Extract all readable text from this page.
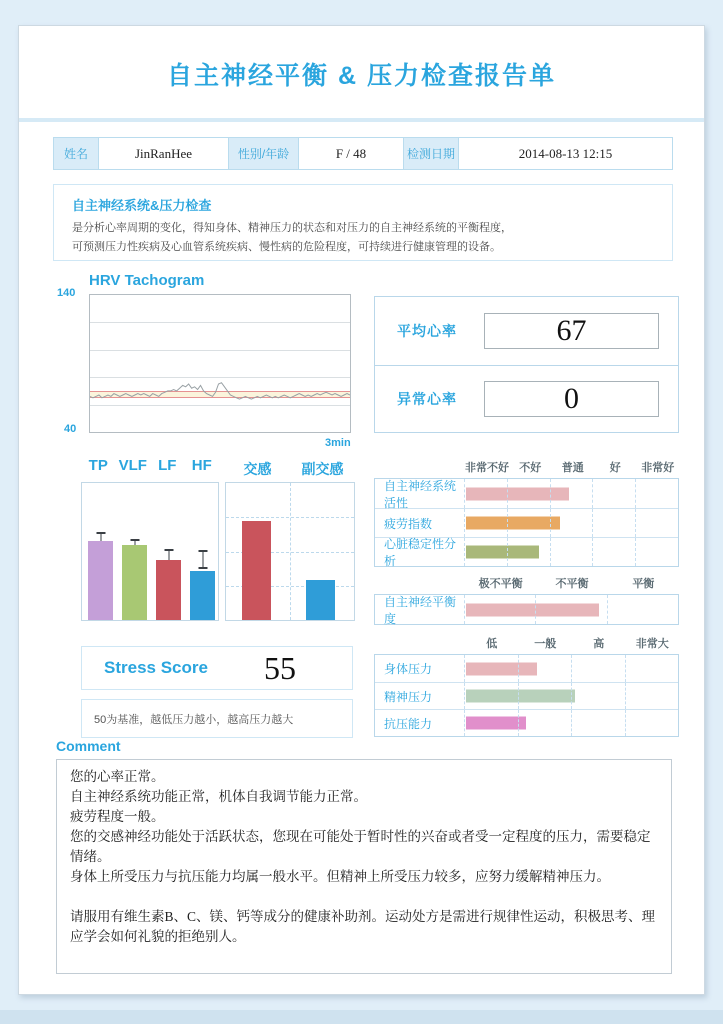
自主神经平衡 & 压力检查报告单
姓名	JinRanHee	性别/年龄	F / 48	检测日期	2014-08-13 12:15
自主神经系统&压力检查
是分析心率周期的变化，得知身体、精神压力的状态和对压力的自主神经系统的平衡程度，
可预测压力性疾病及心血管系统疾病、慢性病的危险程度，可持续进行健康管理的设备。
HRV Tachogram
140
40
3min
平均心率	67
异常心率	0
TP VLF LF	HF	交感	副交感	非常不好 不好	普通	好	非常好
自主神经系统活性
疲劳指数
心脏稳定性分析
极不平衡	不平衡	平衡
自主神经平衡度
低	一般	高	非常大
身体压力
精神压力
抗压能力
Stress Score	55
50为基准，越低压力越小，越高压力越大
Comment
您的心率正常。
自主神经系统功能正常，机体自我调节能力正常。
疲劳程度一般。
您的交感神经功能处于活跃状态，您现在可能处于暂时性的兴奋或者受一定程度的压力，需要稳定情绪。
身体上所受压力与抗压能力均属一般水平。但精神上所受压力较多，应努力缓解精神压力。
请服用有维生素B、C、镁、钙等成分的健康补助剂。运动处方是需进行规律性运动，积极思考、理应学会如何礼貌的拒绝别人。
